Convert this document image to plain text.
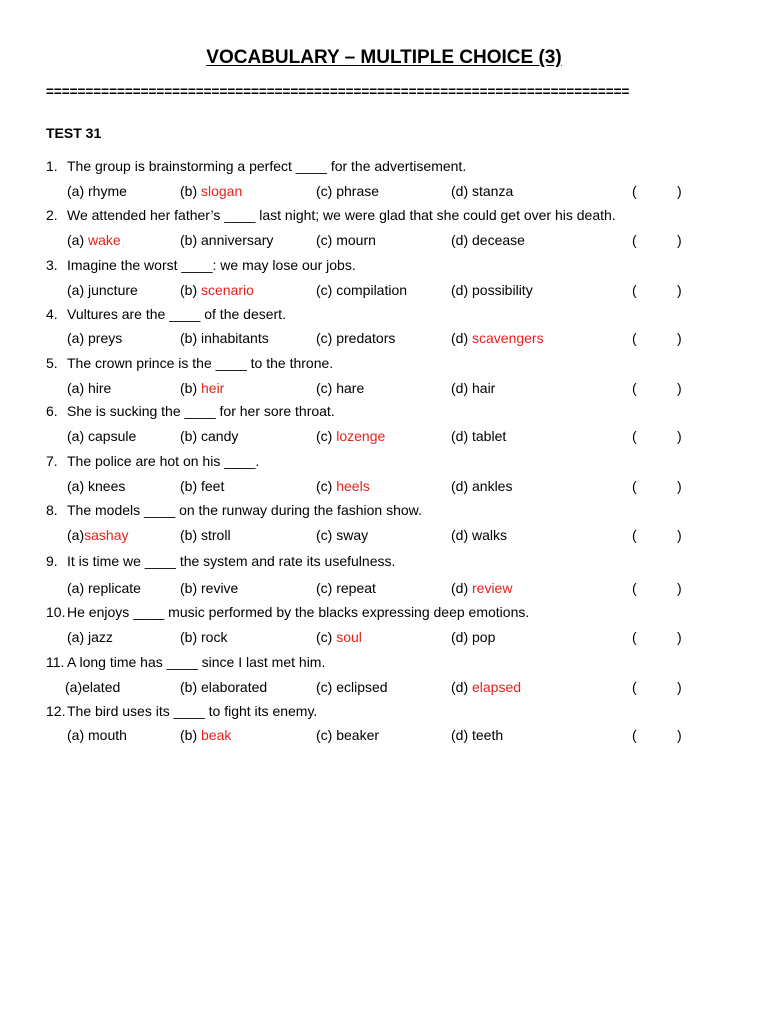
VOCABULARY – MULTIPLE CHOICE (3)
==========================================================================
TEST 31
1. The group is brainstorming a perfect ____ for the advertisement.
(a) rhyme	(b) slogan	(c) phrase	(d) stanza	(	)
2. We attended her father’s ____ last night; we were glad that she could get over his death.
(a) wake	(b) anniversary	(c) mourn	(d) decease	(	)
3. Imagine the worst ____: we may lose our jobs.
(a) juncture	(b) scenario	(c) compilation	(d) possibility	(	)
4. Vultures are the ____ of the desert.
(a) preys	(b) inhabitants	(c) predators	(d) scavengers	(	)
5. The crown prince is the ____ to the throne.
(a) hire	(b) heir	(c) hare	(d) hair	(	)
6. She is sucking the ____ for her sore throat.
(a) capsule	(b) candy	(c) lozenge	(d) tablet	(	)
7. The police are hot on his ____.
(a) knees	(b) feet	(c) heels	(d) ankles	(	)
8. The models ____ on the runway during the fashion show.
(a)sashay	(b) stroll	(c) sway	(d) walks	(	)
9. It is time we ____ the system and rate its usefulness.
(a) replicate	(b) revive	(c) repeat	(d) review	(	)
10. He enjoys ____ music performed by the blacks expressing deep emotions.
(a) jazz	(b) rock	(c) soul	(d) pop	(	)
11. A long time has ____ since I last met him.
(a)elated	(b) elaborated	(c) eclipsed	(d) elapsed	(	)
12. The bird uses its ____ to fight its enemy.
(a) mouth	(b) beak	(c) beaker	(d) teeth	(	)
